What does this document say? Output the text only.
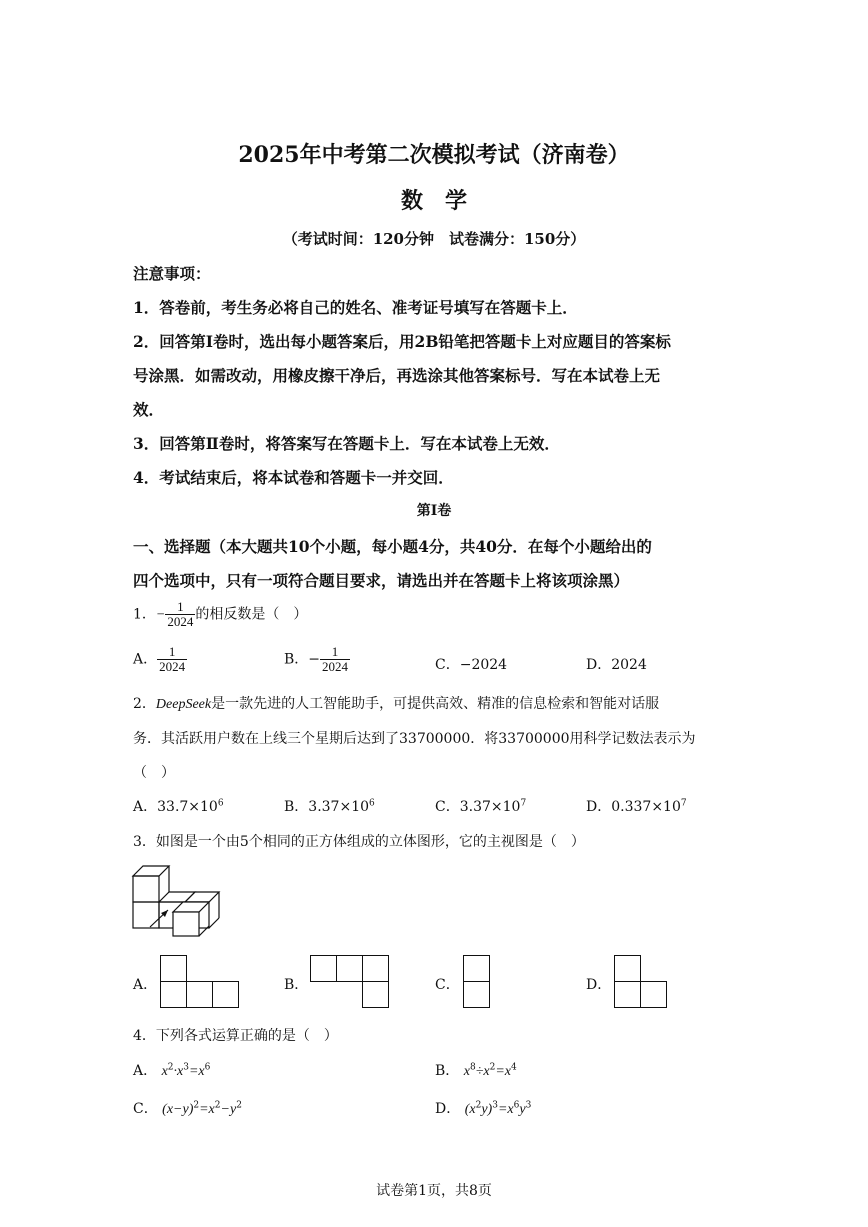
2025年中考第二次模拟考试（济南卷）
数学
（考试时间：120分钟　试卷满分：150分）
注意事项：
1．答卷前，考生务必将自己的姓名、准考证号填写在答题卡上．
2．回答第Ⅰ卷时，选出每小题答案后，用2B铅笔把答题卡上对应题目的答案标
号涂黑．如需改动，用橡皮擦干净后，再选涂其他答案标号．写在本试卷上无
效．
3．回答第Ⅱ卷时，将答案写在答题卡上．写在本试卷上无效．
4．考试结束后，将本试卷和答题卡一并交回．
第Ⅰ卷
一、选择题（本大题共10个小题，每小题4分，共40分．在每个小题给出的
四个选项中，只有一项符合题目要求，请选出并在答题卡上将该项涂黑）
1．− $\frac{1}{2024}$ 的相反数是（　）
A． $\frac{1}{2024}$	B．− $\frac{1}{2024}$	C．−2024	D．2024
2．DeepSeek是一款先进的人工智能助手，可提供高效、精准的信息检索和智能对话服
务．其活跃用户数在上线三个星期后达到了33700000．将33700000用科学记数法表示为
（　）
A．$33.7\times 10^6$	B．$3.37\times 10^6$	C．$3.37\times 10^7$	D．$0.337\times 10^7$
3．如图是一个由5个相同的正方体组成的立体图形，它的主视图是（　）
A．	B．	C．	D．
4．下列各式运算正确的是（　）
A． $x^2\cdot x^3=x^6$	B． $x^8\div x^2=x^4$
C． $(x-y)^2=x^2-y^2$	D． $(x^2y)^3=x^6y^3$
试卷第1页，共8页
